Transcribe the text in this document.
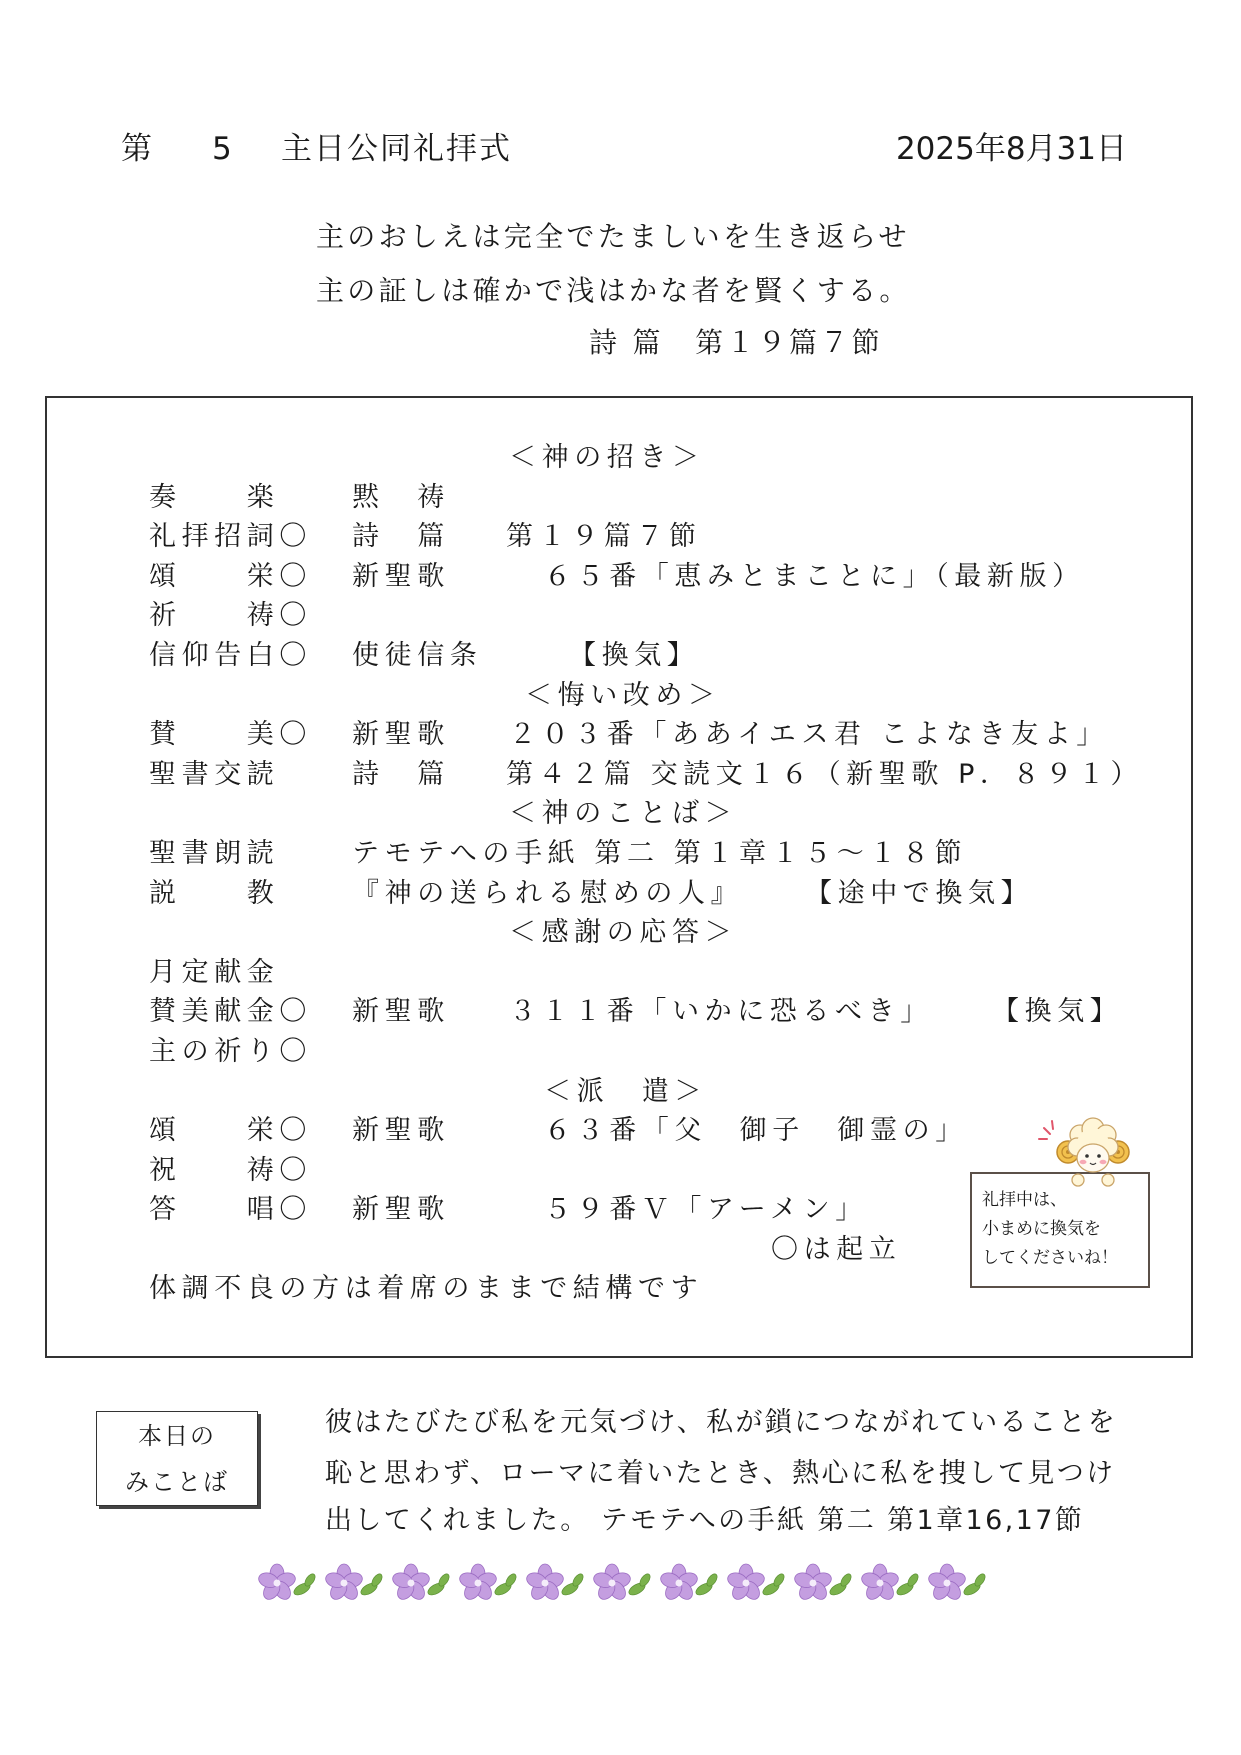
第 5 主日公同礼拝式	2025年8月31日
主のおしえは完全でたましいを生き返らせ
主の証しは確かで浅はかな者を賢くする。
詩 篇　第１９篇７節
＜神の招き＞
奏　　楽	黙　祷
礼拝招詞〇 詩　篇 第１９篇７節
頌　　栄〇 新聖歌	６５番「恵みとまことに」（最新版）
祈　　祷〇
信仰告白〇 使徒信条	【換気】
＜悔い改め＞
賛　　美〇 新聖歌 ２０３番「ああイエス君 こよなき友よ」
聖書交読	詩　篇 第４２篇 交読文１６（新聖歌 P．８９１）
＜神のことば＞
聖書朗読	テモテへの手紙 第二 第１章１５～１８節
説　　教	『神の送られる慰めの人』 【途中で換気】
＜感謝の応答＞
月定献金
賛美献金〇 新聖歌 ３１１番「いかに恐るべき」 【換気】
主の祈り〇
＜派　遣＞
頌　　栄〇 新聖歌	６３番「父　御子　御霊の」
祝　　祷〇
答　　唱〇 新聖歌	５９番Ｖ「アーメン」
〇は起立
体調不良の方は着席のままで結構です
礼拝中は、
小まめに換気を
してくださいね！
本日の
みことば
彼はたびたび私を元気づけ、私が鎖につながれていることを
恥と思わず、ローマに着いたとき、熱心に私を捜して見つけ
出してくれました。 テモテへの手紙 第二 第1章16,17節
